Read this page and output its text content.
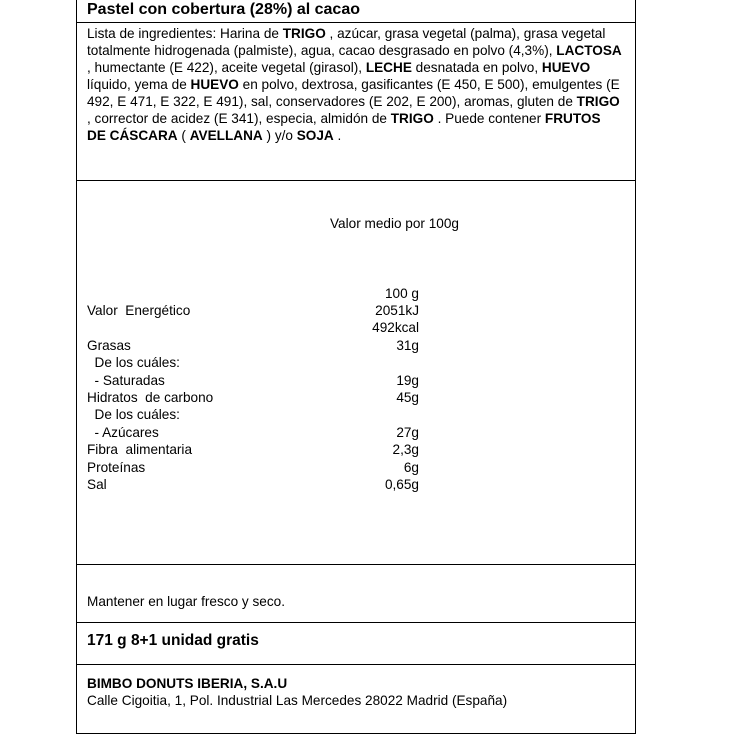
Pastel con cobertura (28%) al cacao
Lista de ingredientes: Harina de TRIGO , azúcar, grasa vegetal (palma), grasa vegetal totalmente hidrogenada (palmiste), agua, cacao desgrasado en polvo (4,3%), LACTOSA , humectante (E 422), aceite vegetal (girasol), LECHE desnatada en polvo, HUEVO líquido, yema de HUEVO en polvo, dextrosa, gasificantes (E 450, E 500), emulgentes (E 492, E 471, E 322, E 491), sal, conservadores (E 202, E 200), aromas, gluten de TRIGO , corrector de acidez (E 341), especia, almidón de TRIGO . Puede contener FRUTOS DE CÁSCARA ( AVELLANA ) y/o SOJA .
Valor medio por 100g
100 g
Valor  Energético	2051kJ
492kcal
Grasas	31g
De los cuáles:
- Saturadas	19g
Hidratos  de carbono	45g
De los cuáles:
- Azúcares	27g
Fibra  alimentaria	2,3g
Proteínas	6g
Sal	0,65g
Mantener en lugar fresco y seco.
171 g 8+1 unidad gratis
BIMBO DONUTS IBERIA, S.A.U
Calle Cigoitia, 1, Pol. Industrial Las Mercedes 28022 Madrid (España)
